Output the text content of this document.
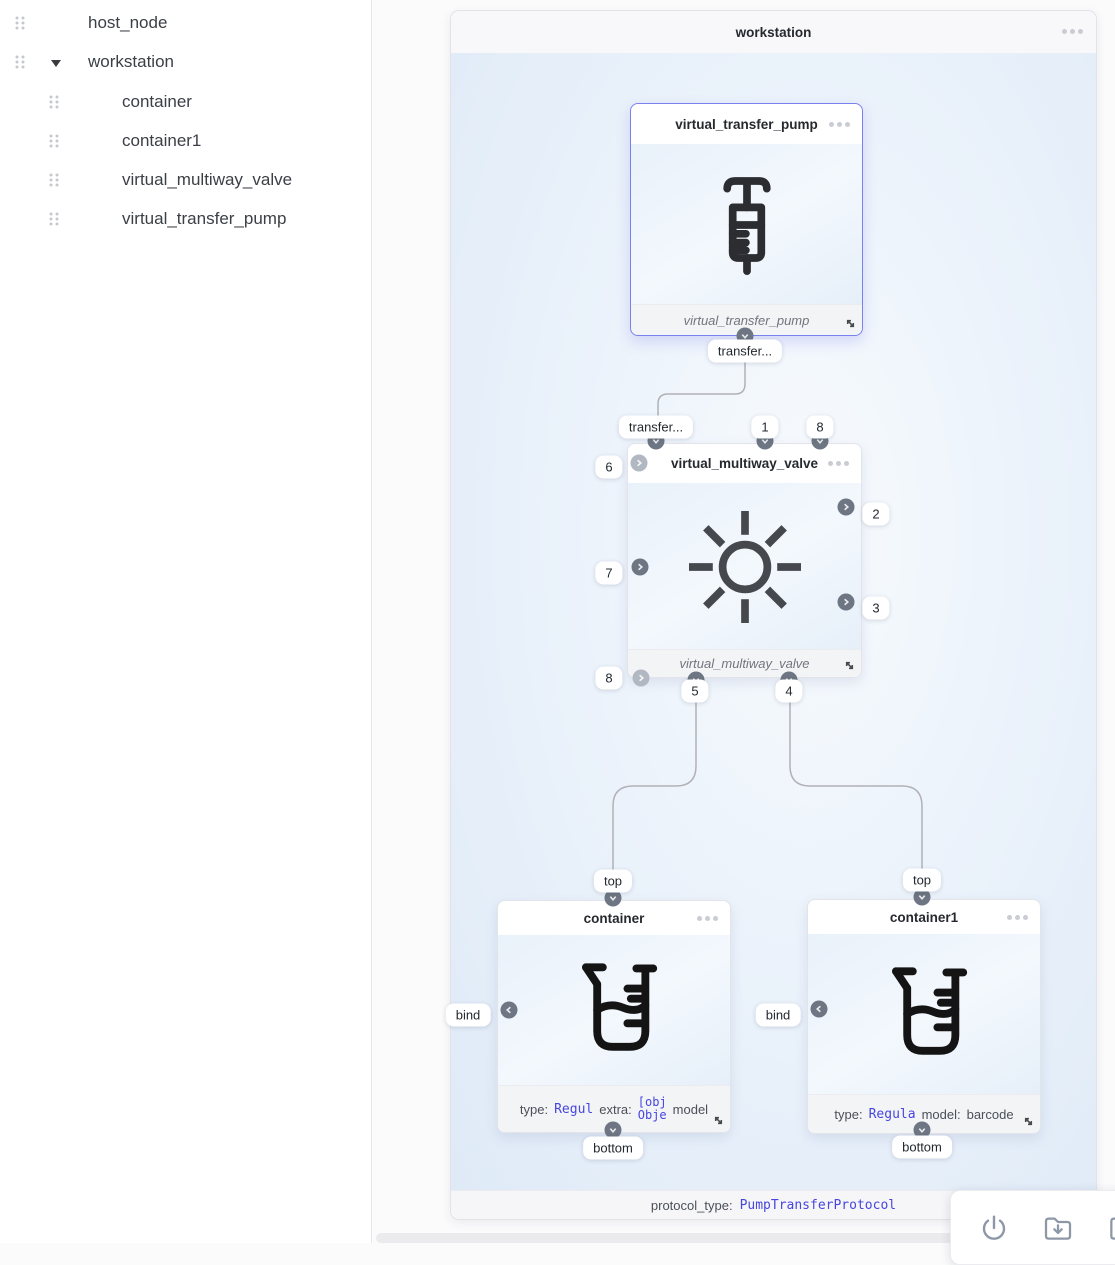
host_node
workstation
container
container1
virtual_multiway_valve
virtual_transfer_pump
workstation
protocol_type: PumpTransferProtocol
virtual_transfer_pump
virtual_transfer_pump
virtual_multiway_valve
virtual_multiway_valve
container
type: Regul extra: [obj
Obje model
container1
type: Regula model: barcode
transfer...
transfer...	1	8
6
7
8
2
3
5	4
top
bind
bottom
top
bind
bottom
